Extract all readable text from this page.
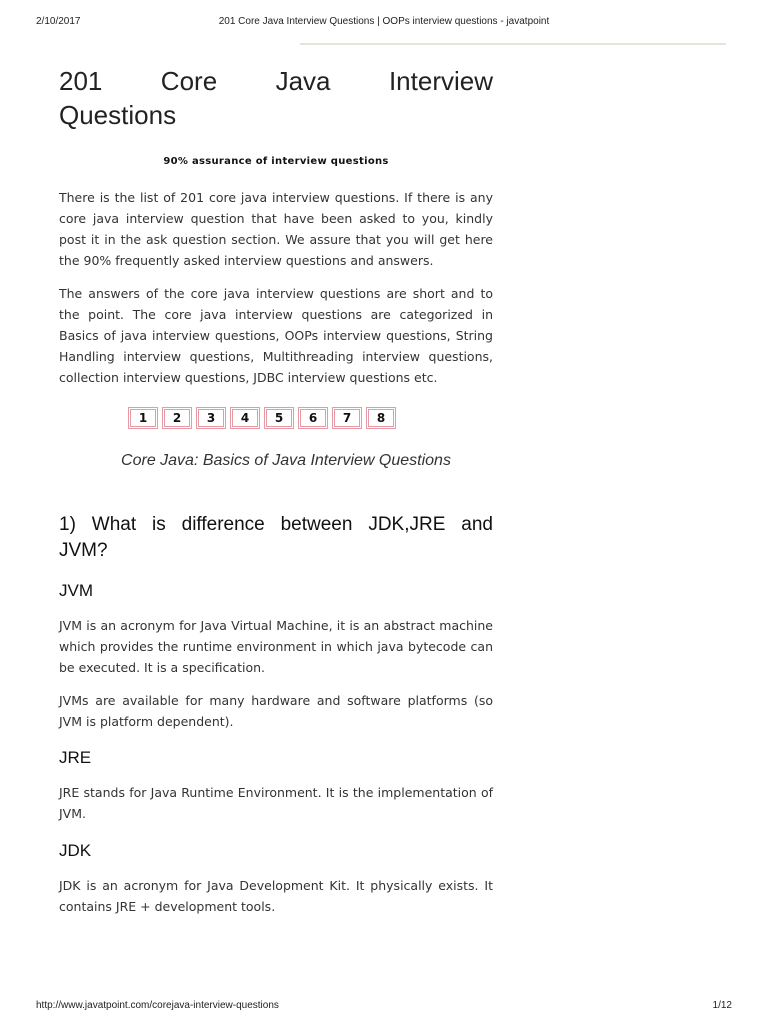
2/10/2017	201 Core Java Interview Questions | OOPs interview questions - javatpoint
201 Core Java Interview
Questions
90% assurance of interview questions

There is the list of 201 core java interview questions. If there is any core java interview question that have been asked to you, kindly post it in the ask question section. We assure that you will get here the 90% frequently asked interview questions and answers.

The answers of the core java interview questions are short and to the point. The core java interview questions are categorized in Basics of java interview questions, OOPs interview questions, String Handling interview questions, Multithreading interview questions, collection interview questions, JDBC interview questions etc.

1	2	3	4	5	6	7	8
Core Java: Basics of Java Interview Questions
1) What is difference between JDK,JRE and
JVM?
JVM

JVM is an acronym for Java Virtual Machine, it is an abstract machine which provides the runtime environment in which java bytecode can be executed. It is a specification.

JVMs are available for many hardware and software platforms (so JVM is platform dependent).

JRE

JRE stands for Java Runtime Environment. It is the implementation of JVM.

JDK

JDK is an acronym for Java Development Kit. It physically exists. It contains JRE + development tools.

http://www.javatpoint.com/corejava-interview-questions	1/12
